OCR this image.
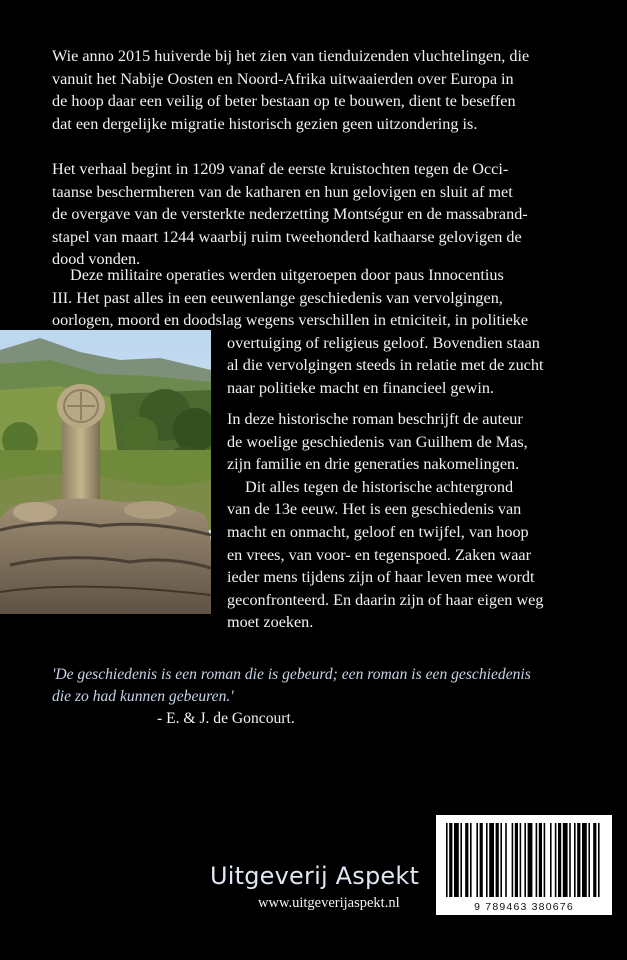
Wie anno 2015 huiverde bij het zien van tienduizenden vluchtelingen, die
vanuit het Nabije Oosten en Noord-Afrika uitwaaierden over Europa in
de hoop daar een veilig of beter bestaan op te bouwen, dient te beseffen
dat een dergelijke migratie historisch gezien geen uitzondering is.
Het verhaal begint in 1209 vanaf de eerste kruistochten tegen de Occi-
taanse beschermheren van de katharen en hun gelovigen en sluit af met
de overgave van de versterkte nederzetting Montségur en de massabrand-
stapel van maart 1244 waarbij ruim tweehonderd kathaarse gelovigen de
dood vonden.
Deze militaire operaties werden uitgeroepen door paus Innocentius
III. Het past alles in een eeuwenlange geschiedenis van vervolgingen,
oorlogen, moord en doodslag wegens verschillen in etniciteit, in politieke
overtuiging of religieus geloof. Bovendien staan
al die vervolgingen steeds in relatie met de zucht
naar politieke macht en financieel gewin.
In deze historische roman beschrijft de auteur
de woelige geschiedenis van Guilhem de Mas,
zijn familie en drie generaties nakomelingen.
Dit alles tegen de historische achtergrond
van de 13e eeuw. Het is een geschiedenis van
macht en onmacht, geloof en twijfel, van hoop
en vrees, van voor- en tegenspoed. Zaken waar
ieder mens tijdens zijn of haar leven mee wordt
geconfronteerd. En daarin zijn of haar eigen weg
moet zoeken.
'De geschiedenis is een roman die is gebeurd; een roman is een geschiedenis
die zo had kunnen gebeuren.'
- E. & J. de Goncourt.
Uitgeverij Aspekt
www.uitgeverijaspekt.nl	9 789463 380676
